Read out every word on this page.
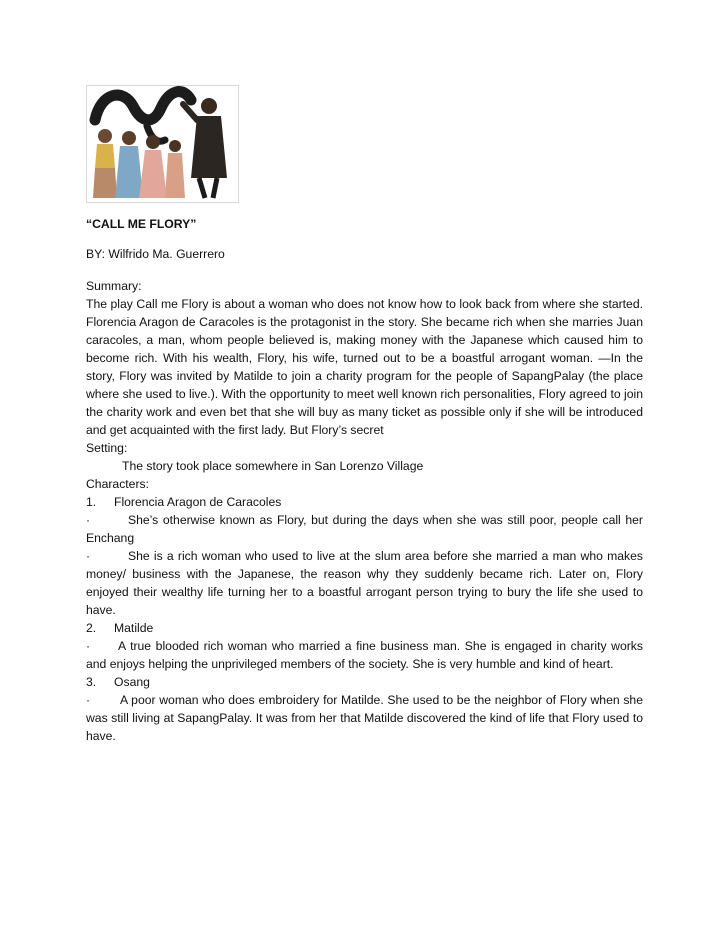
“CALL ME FLORY”
BY: Wilfrido Ma. Guerrero

Summary:

The play Call me Flory is about a woman who does not know how to look back from where she started. Florencia Aragon de Caracoles is the protagonist in the story. She became rich when she marries Juan caracoles, a man, whom people believed is, making money with the Japanese which caused him to become rich. With his wealth, Flory, his wife, turned out to be a boastful arrogant woman. —In the story, Flory was invited by Matilde to join a charity program for the people of SapangPalay (the place where she used to live.). With the opportunity to meet well known rich personalities, Flory agreed to join the charity work and even bet that she will buy as many ticket as possible only if she will be introduced and get acquainted with the first lady. But Flory’s secret

Setting:

The story took place somewhere in San Lorenzo Village

Characters:

1. Florencia Aragon de Caracoles

·	She’s otherwise known as Flory, but during the days when she was still poor, people call her Enchang

·	She is a rich woman who used to live at the slum area before she married a man who makes money/ business with the Japanese, the reason why they suddenly became rich. Later on, Flory enjoyed their wealthy life turning her to a boastful arrogant person trying to bury the life she used to have.

2. Matilde

· A true blooded rich woman who married a fine business man. She is engaged in charity works and enjoys helping the unprivileged members of the society. She is very humble and kind of heart.

3. Osang

· A poor woman who does embroidery for Matilde. She used to be the neighbor of Flory when she was still living at SapangPalay. It was from her that Matilde discovered the kind of life that Flory used to have.
